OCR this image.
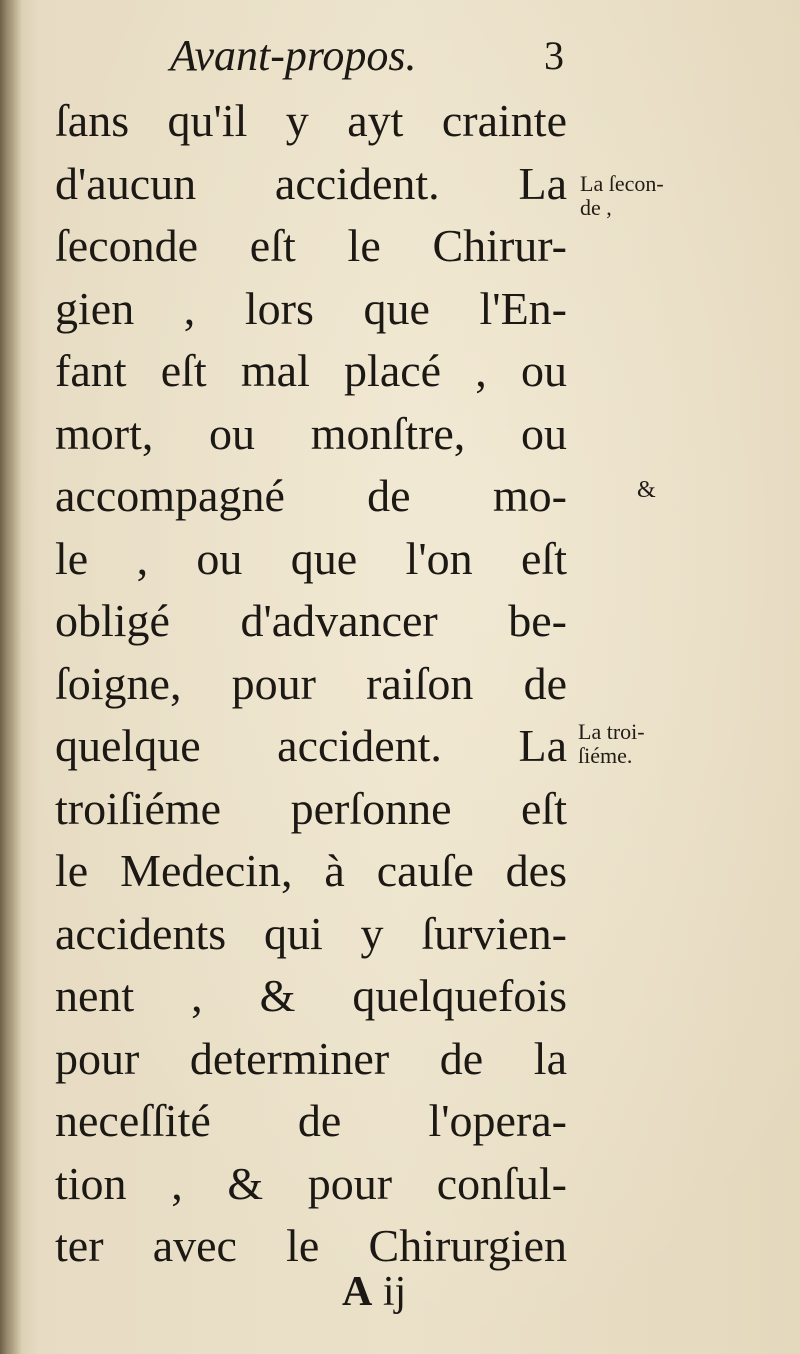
Avant-propos.	3
ſans qu'il y ayt crainte
d'aucun accident. La
ſeconde eſt le Chirur-
gien , lors que l'En-
fant eſt mal placé , ou
mort, ou monſtre, ou
accompagné de mo-
le , ou que l'on eſt
obligé d'advancer be-
ſoigne, pour raiſon de
quelque accident. La
troiſiéme perſonne eſt
le Medecin, à cauſe des
accidents qui y ſurvien-
nent , & quelquefois
pour determiner de la
neceſſité de l'opera-
tion , & pour conſul-
ter avec le Chirurgien
La ſecon-
de ,
&
La troi-
ſiéme.
A ij
